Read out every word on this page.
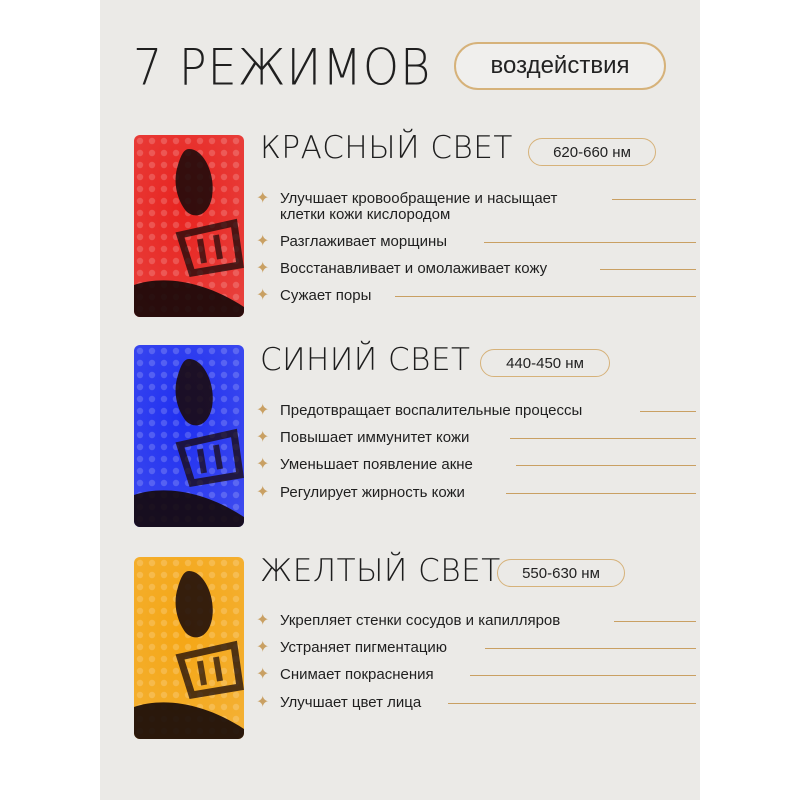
7 РЕЖИМОВ	воздействия
КРАСНЫЙ СВЕТ	620-660 нм
✦ Улучшает кровообращение и насыщает
клетки кожи кислородом
✦ Разглаживает морщины
✦ Восстанавливает и омолаживает кожу
✦ Сужает поры
СИНИЙ СВЕТ	440-450 нм
✦ Предотвращает воспалительные процессы
✦ Повышает иммунитет кожи
✦ Уменьшает появление акне
✦ Регулирует жирность кожи
ЖЕЛТЫЙ СВЕТ	550-630 нм
✦ Укрепляет стенки сосудов и капилляров
✦ Устраняет пигментацию
✦ Снимает покраснения
✦ Улучшает цвет лица
